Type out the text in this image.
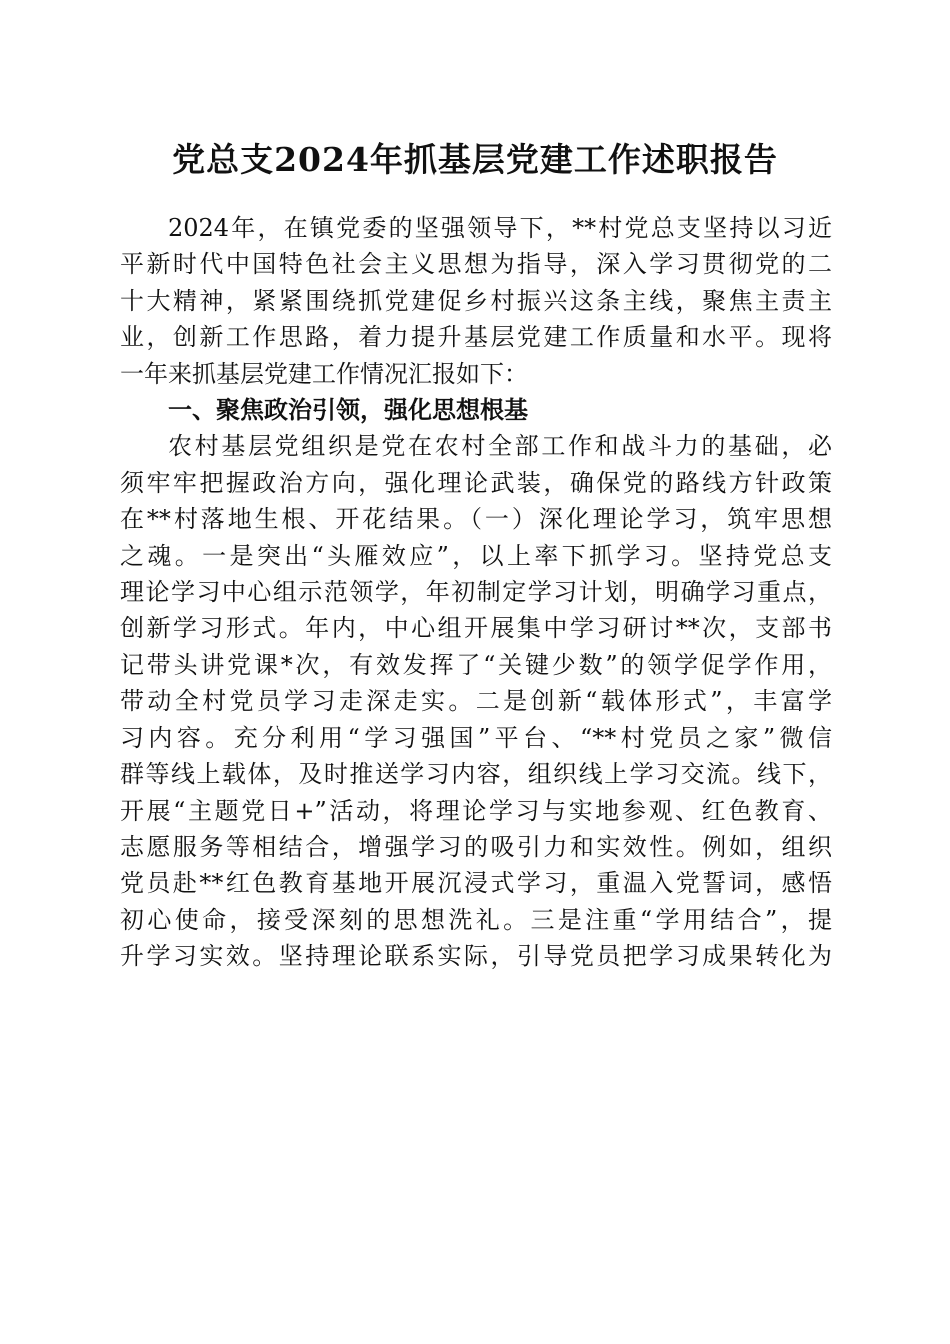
党总支2024年抓基层党建工作述职报告
2024年，在镇党委的坚强领导下，**村党总支坚持以习近
平新时代中国特色社会主义思想为指导，深入学习贯彻党的二
十大精神，紧紧围绕抓党建促乡村振兴这条主线，聚焦主责主
业，创新工作思路，着力提升基层党建工作质量和水平。现将
一年来抓基层党建工作情况汇报如下：
一、聚焦政治引领，强化思想根基
农村基层党组织是党在农村全部工作和战斗力的基础，必
须牢牢把握政治方向，强化理论武装，确保党的路线方针政策
在**村落地生根、开花结果。（一）深化理论学习，筑牢思想
之魂。一是突出“头雁效应”，以上率下抓学习。坚持党总支
理论学习中心组示范领学，年初制定学习计划，明确学习重点，
创新学习形式。年内，中心组开展集中学习研讨**次，支部书
记带头讲党课*次，有效发挥了“关键少数”的领学促学作用，
带动全村党员学习走深走实。二是创新“载体形式”，丰富学
习内容。充分利用“学习强国”平台、“**村党员之家”微信
群等线上载体，及时推送学习内容，组织线上学习交流。线下，
开展“主题党日+”活动，将理论学习与实地参观、红色教育、
志愿服务等相结合，增强学习的吸引力和实效性。例如，组织
党员赴**红色教育基地开展沉浸式学习，重温入党誓词，感悟
初心使命，接受深刻的思想洗礼。三是注重“学用结合”，提
升学习实效。坚持理论联系实际，引导党员把学习成果转化为
